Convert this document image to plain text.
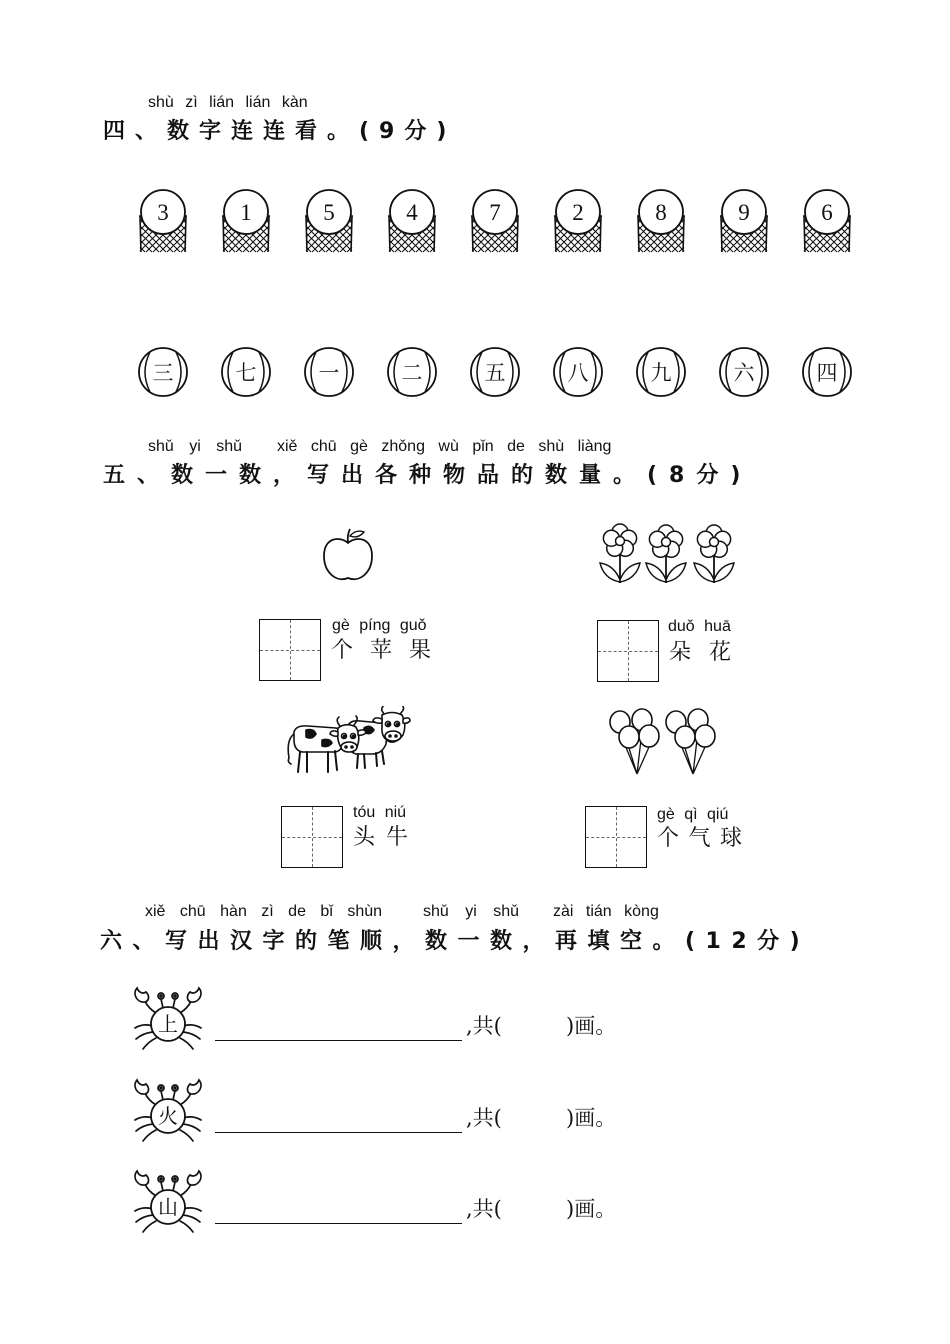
shù zì lián lián kàn
四、数字连连看。(9分)
3	1	5	4	7	2	8	9	6
三	七	一	二	五	八	九	六	四
shǔ yi shǔ xiě chū gè zhǒng wù pǐn de shù liàng
五、数一数，写出各种物品的数量。(8分)
gè píng guǒ
个苹果
duǒ huā
朵花
tóu niú
头牛
gè qì qiú
个气球
xiě chū hàn zì de bǐ shùn	shǔ yi shǔ zài tián kòng
六、写出汉字的笔顺，数一数，再填空。(12分)
上	,共(	)画。
火	,共(	)画。
山	,共(	)画。
